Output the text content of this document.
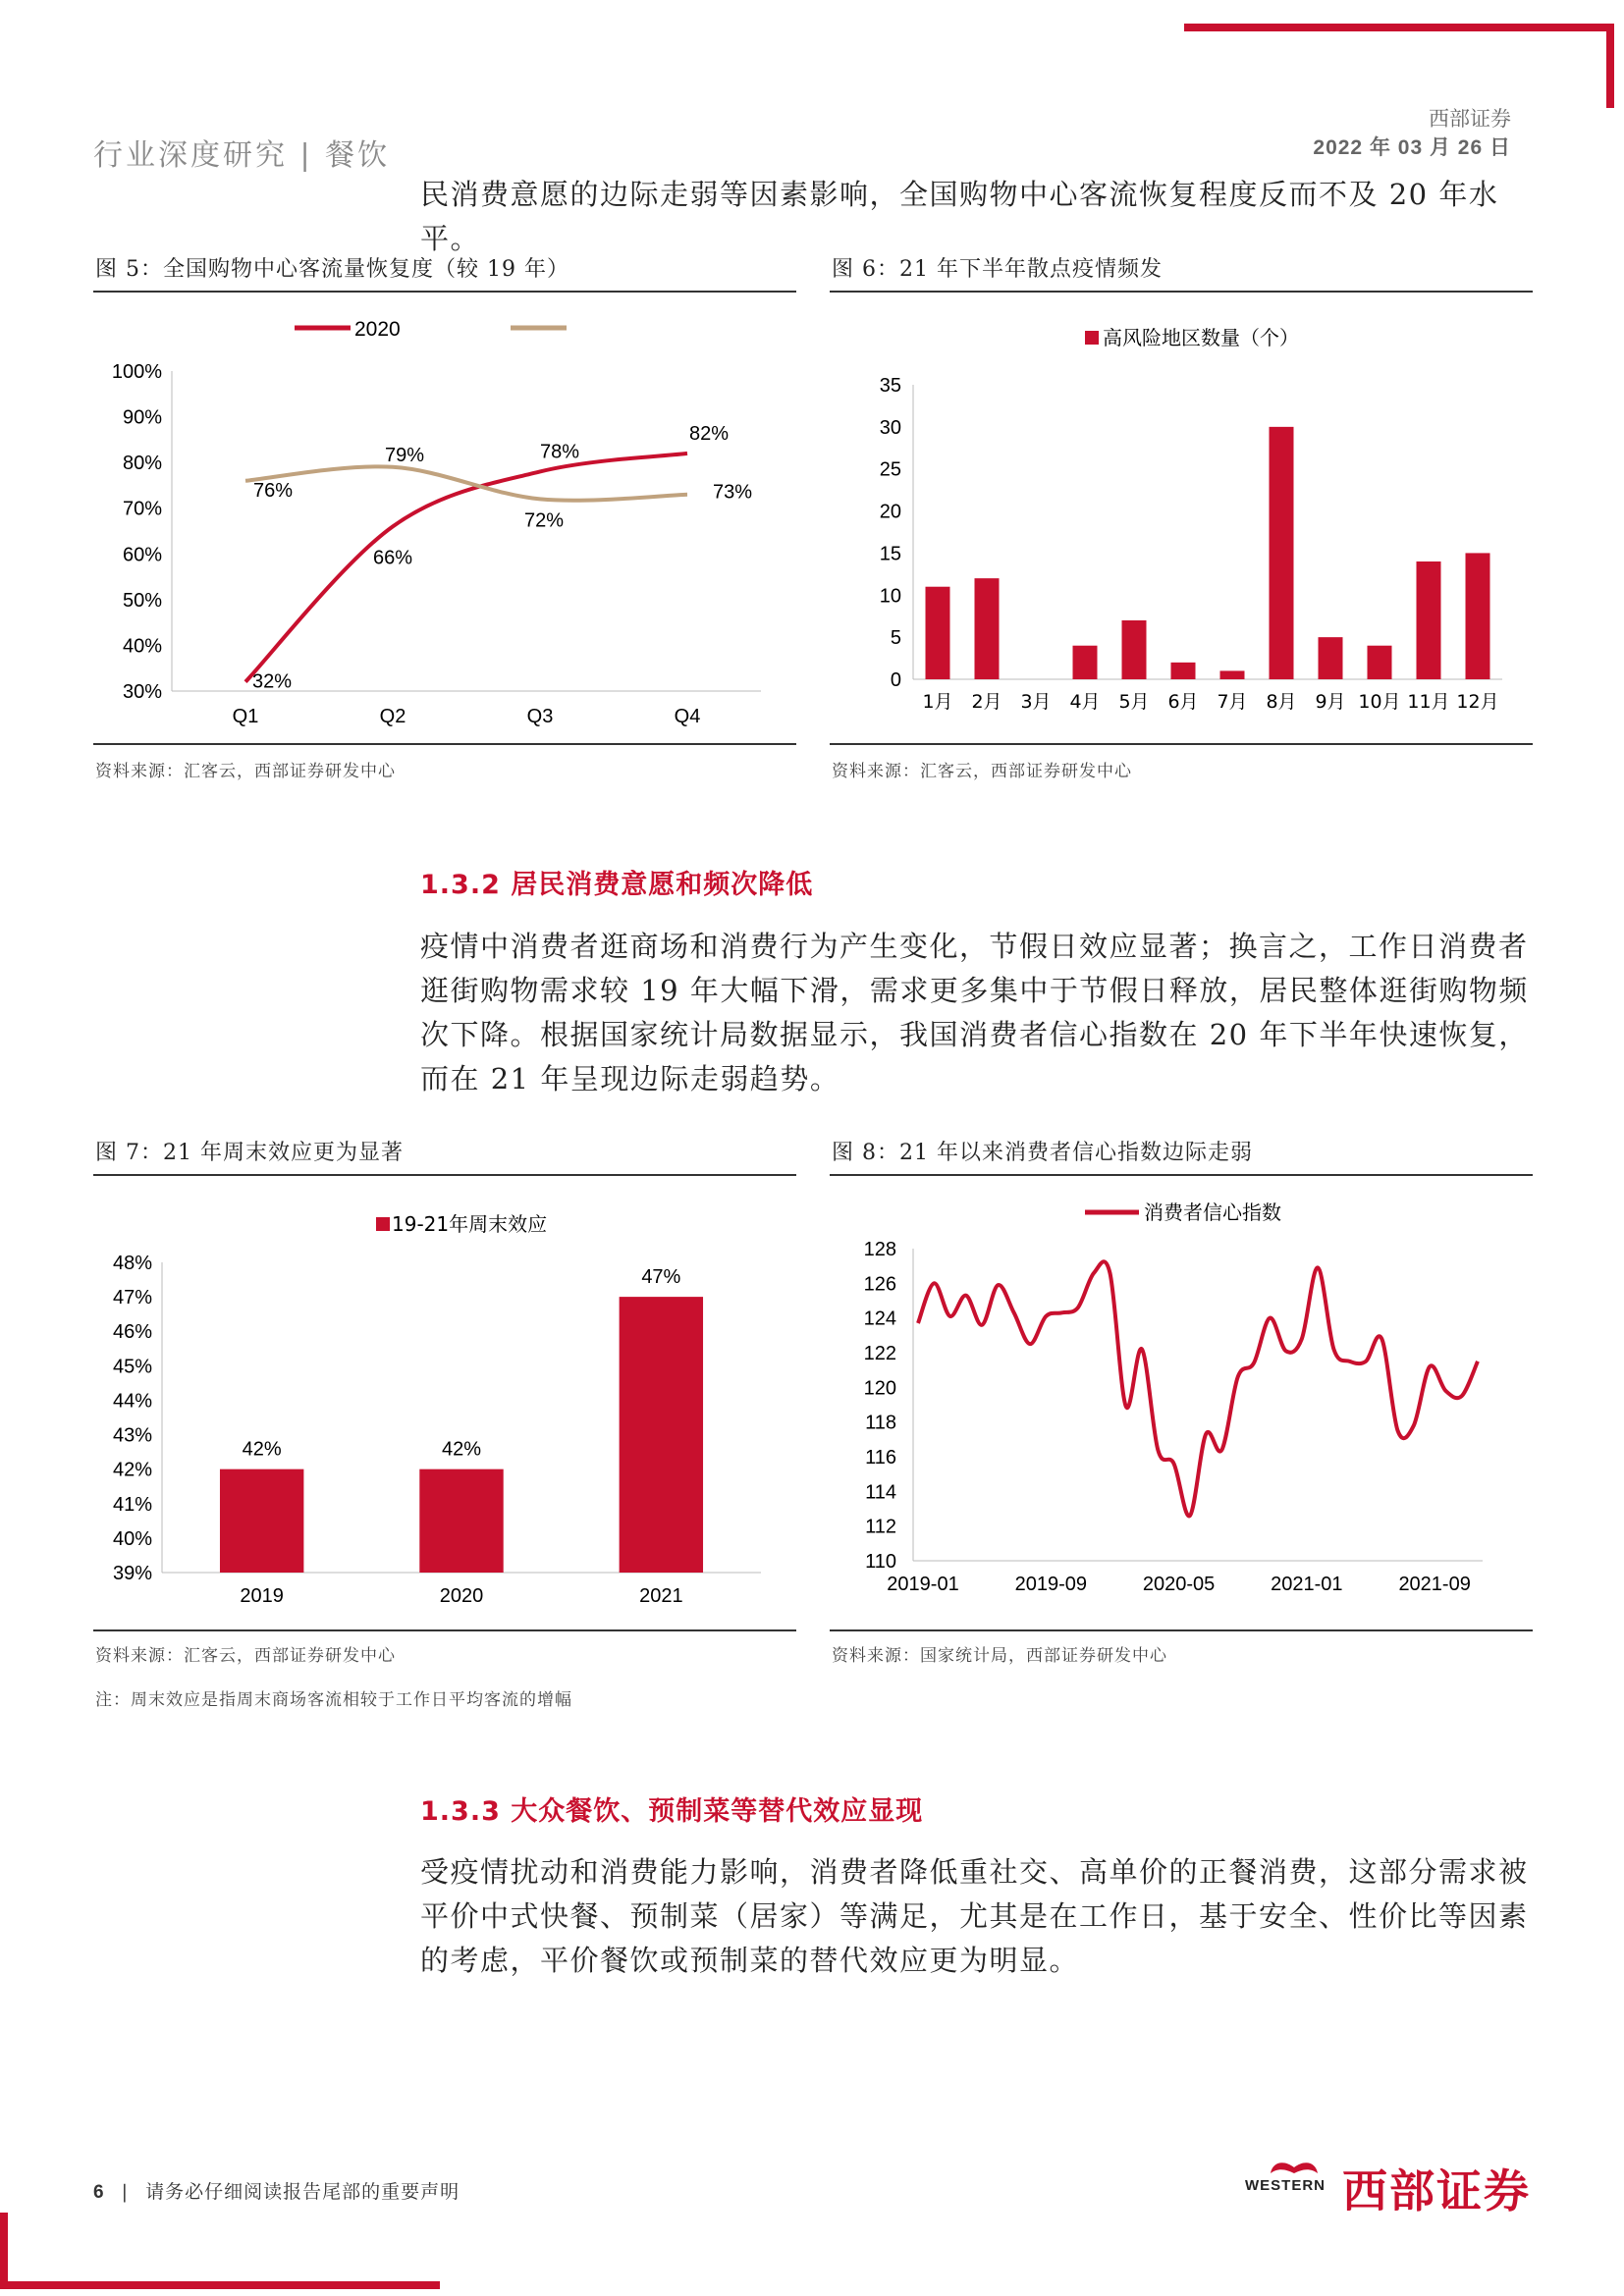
行业深度研究 | 餐饮
西部证券
2022 年 03 月 26 日
民消费意愿的边际走弱等因素影响，全国购物中心客流恢复程度反而不及 20 年水平。
图 5：全国购物中心客流量恢复度（较 19 年）
2020
30%
40%
50%
60%
70%
80%
90%
100%
Q1	Q2	Q3	Q4
32%
66%
78%
82%
76%
79%
72%
73%
资料来源：汇客云，西部证券研发中心
图 6：21 年下半年散点疫情频发
高风险地区数量（个）
0
5
10
15
20
25
30
35
1月 2月 3月 4月 5月 6月 7月 8月 9月 10月 11月 12月
资料来源：汇客云，西部证券研发中心
1.3.2 居民消费意愿和频次降低
疫情中消费者逛商场和消费行为产生变化，节假日效应显著；换言之，工作日消费者逛街购物需求较 19 年大幅下滑，需求更多集中于节假日释放，居民整体逛街购物频次下降。根据国家统计局数据显示，我国消费者信心指数在 20 年下半年快速恢复，而在 21 年呈现边际走弱趋势。
图 7：21 年周末效应更为显著
19-21年周末效应
39%
40%
41%
42%
43%
44%
45%
46%
47%
48%
42%	42%
47%
2019	2020	2021
资料来源：汇客云，西部证券研发中心
注：周末效应是指周末商场客流相较于工作日平均客流的增幅
图 8：21 年以来消费者信心指数边际走弱
消费者信心指数
110
112
114
116
118
120
122
124
126
128
2019-01	2019-09	2020-05	2021-01	2021-09
资料来源：国家统计局，西部证券研发中心
1.3.3 大众餐饮、预制菜等替代效应显现
受疫情扰动和消费能力影响，消费者降低重社交、高单价的正餐消费，这部分需求被平价中式快餐、预制菜（居家）等满足，尤其是在工作日，基于安全、性价比等因素的考虑，平价餐饮或预制菜的替代效应更为明显。
6 | 请务必仔细阅读报告尾部的重要声明	WESTERN 西部证券
